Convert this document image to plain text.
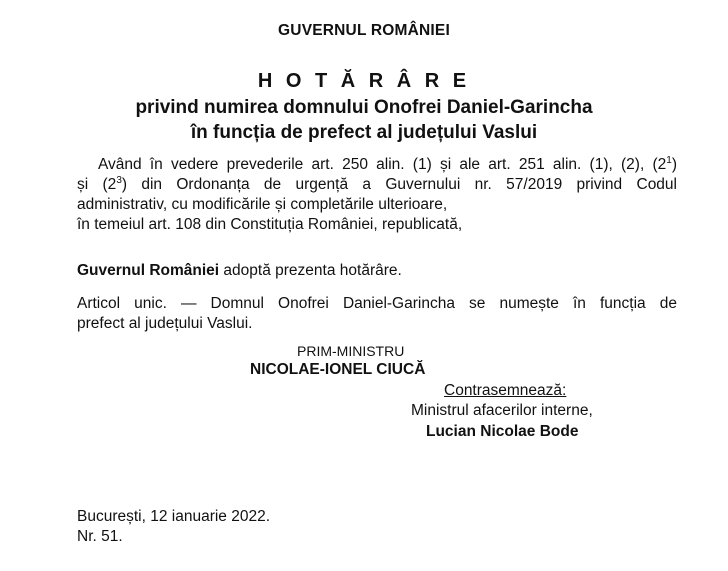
GUVERNUL ROMÂNIEI
H O T Ă R Â R E
privind numirea domnului Onofrei Daniel-Garincha
în funcția de prefect al județului Vaslui
Având în vedere prevederile art. 250 alin. (1) și ale art. 251 alin. (1), (2), $(2^1)$
și $(2^3)$ din Ordonanța de urgență a Guvernului nr. 57/2019 privind Codul
administrativ, cu modificările și completările ulterioare,
în temeiul art. 108 din Constituția României, republicată,
Guvernul României adoptă prezenta hotărâre.
Articol unic. — Domnul Onofrei Daniel-Garincha se numește în funcția de
prefect al județului Vaslui.
PRIM-MINISTRU
NICOLAE-IONEL CIUCĂ
Contrasemnează:
Ministrul afacerilor interne,
Lucian Nicolae Bode
București, 12 ianuarie 2022.
Nr. 51.
